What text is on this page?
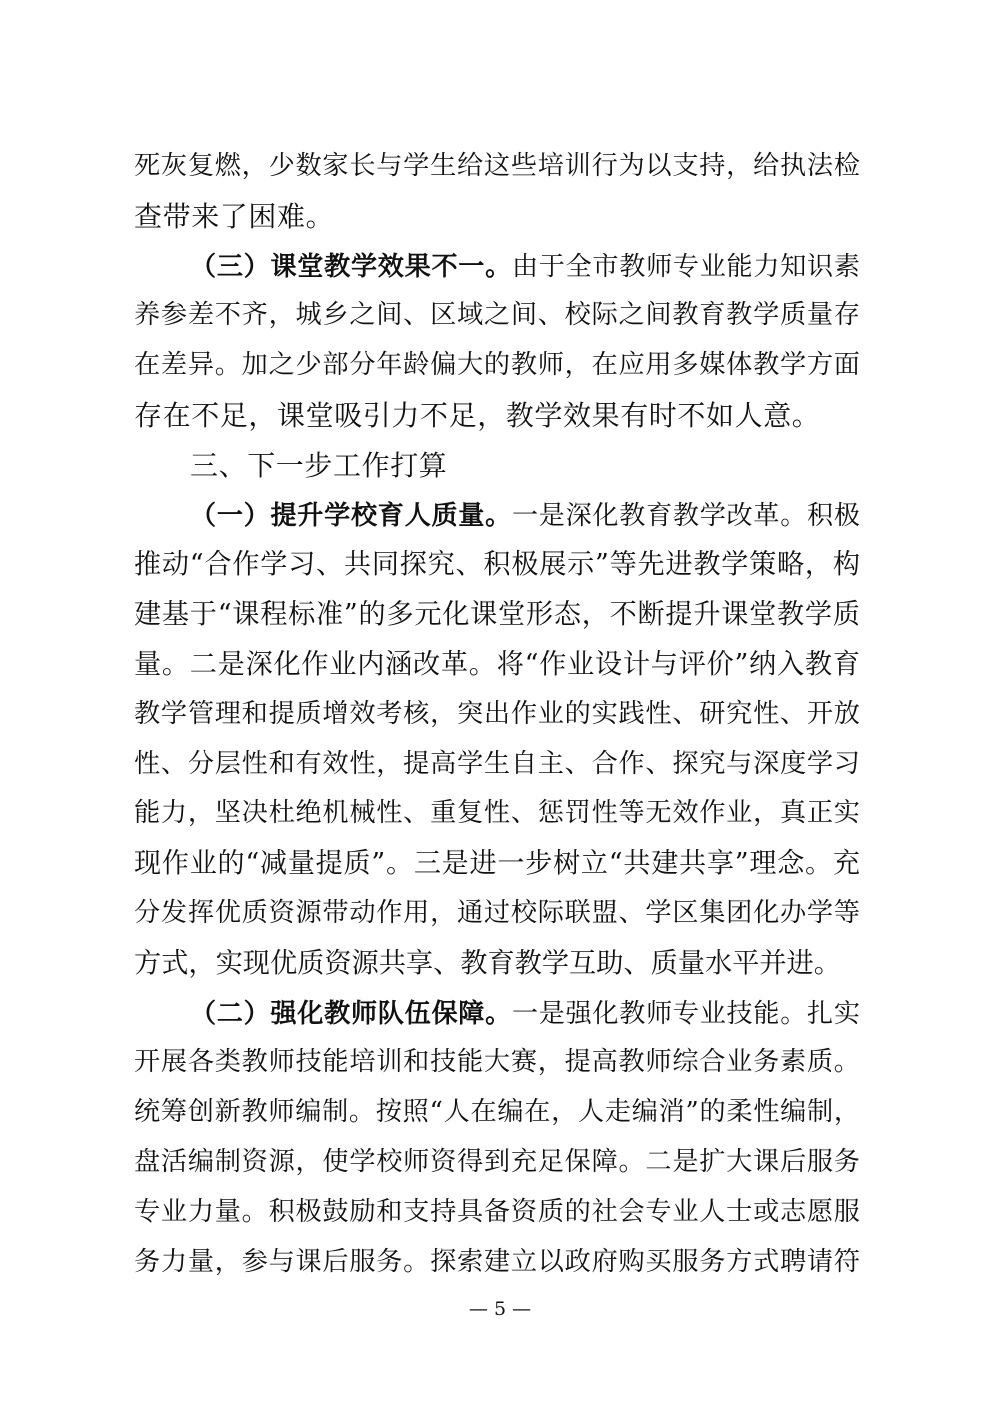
死灰复燃，少数家长与学生给这些培训行为以支持，给执法检
查带来了困难。
（三）课堂教学效果不一。由于全市教师专业能力知识素
养参差不齐，城乡之间、区域之间、校际之间教育教学质量存
在差异。加之少部分年龄偏大的教师，在应用多媒体教学方面
存在不足，课堂吸引力不足，教学效果有时不如人意。
三、下一步工作打算
（一）提升学校育人质量。一是深化教育教学改革。积极
推动“合作学习、共同探究、积极展示”等先进教学策略，构
建基于“课程标准”的多元化课堂形态，不断提升课堂教学质
量。二是深化作业内涵改革。将“作业设计与评价”纳入教育
教学管理和提质增效考核，突出作业的实践性、研究性、开放
性、分层性和有效性，提高学生自主、合作、探究与深度学习
能力，坚决杜绝机械性、重复性、惩罚性等无效作业，真正实
现作业的“减量提质”。三是进一步树立“共建共享”理念。充
分发挥优质资源带动作用，通过校际联盟、学区集团化办学等
方式，实现优质资源共享、教育教学互助、质量水平并进。
（二）强化教师队伍保障。一是强化教师专业技能。扎实
开展各类教师技能培训和技能大赛，提高教师综合业务素质。
统筹创新教师编制。按照“人在编在，人走编消”的柔性编制，
盘活编制资源，使学校师资得到充足保障。二是扩大课后服务
专业力量。积极鼓励和支持具备资质的社会专业人士或志愿服
务力量，参与课后服务。探索建立以政府购买服务方式聘请符
— 5 —
